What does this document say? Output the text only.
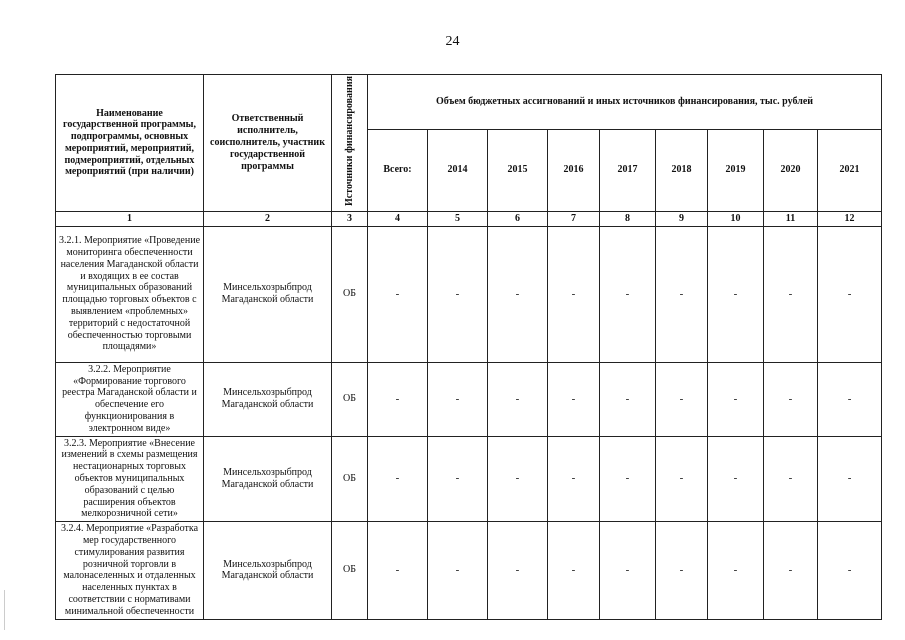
24
Наименование государственной программы, подпрограммы, основных мероприятий, мероприятий, подмероприятий, отдельных мероприятий (при наличии)	Ответственный исполнитель, соисполнитель, участник государственной программы	Источники финансирования	Объем бюджетных ассигнований и иных источников финансирования, тыс. рублей								
			Всего:	2014	2015	2016	2017	2018	2019	2020	2021
1	2	3	4	5	6	7	8	9	10	11	12
3.2.1. Мероприятие «Проведение мониторинга обеспеченности населения Магаданской области и входящих в ее состав муниципальных образований площадью торговых объектов с выявлением «проблемных» территорий с недостаточной обеспеченностью торговыми площадями»	Минсельхозрыбпрод Магаданской области	ОБ	-	-	-	-	-	-	-	-	-
3.2.2. Мероприятие «Формирование торгового реестра Магаданской области и обеспечение его функционирования в электронном виде»	Минсельхозрыбпрод Магаданской области	ОБ	-	-	-	-	-	-	-	-	-
3.2.3. Мероприятие «Внесение изменений в схемы размещения нестационарных торговых объектов муниципальных образований с целью расширения объектов мелкорозничной сети»	Минсельхозрыбпрод Магаданской области	ОБ	-	-	-	-	-	-	-	-	-
3.2.4. Мероприятие «Разработка мер государственного стимулирования развития розничной торговли в малонаселенных и отдаленных населенных пунктах в соответствии с нормативами минимальной обеспеченности	Минсельхозрыбпрод Магаданской области	ОБ	-	-	-	-	-	-	-	-	-
